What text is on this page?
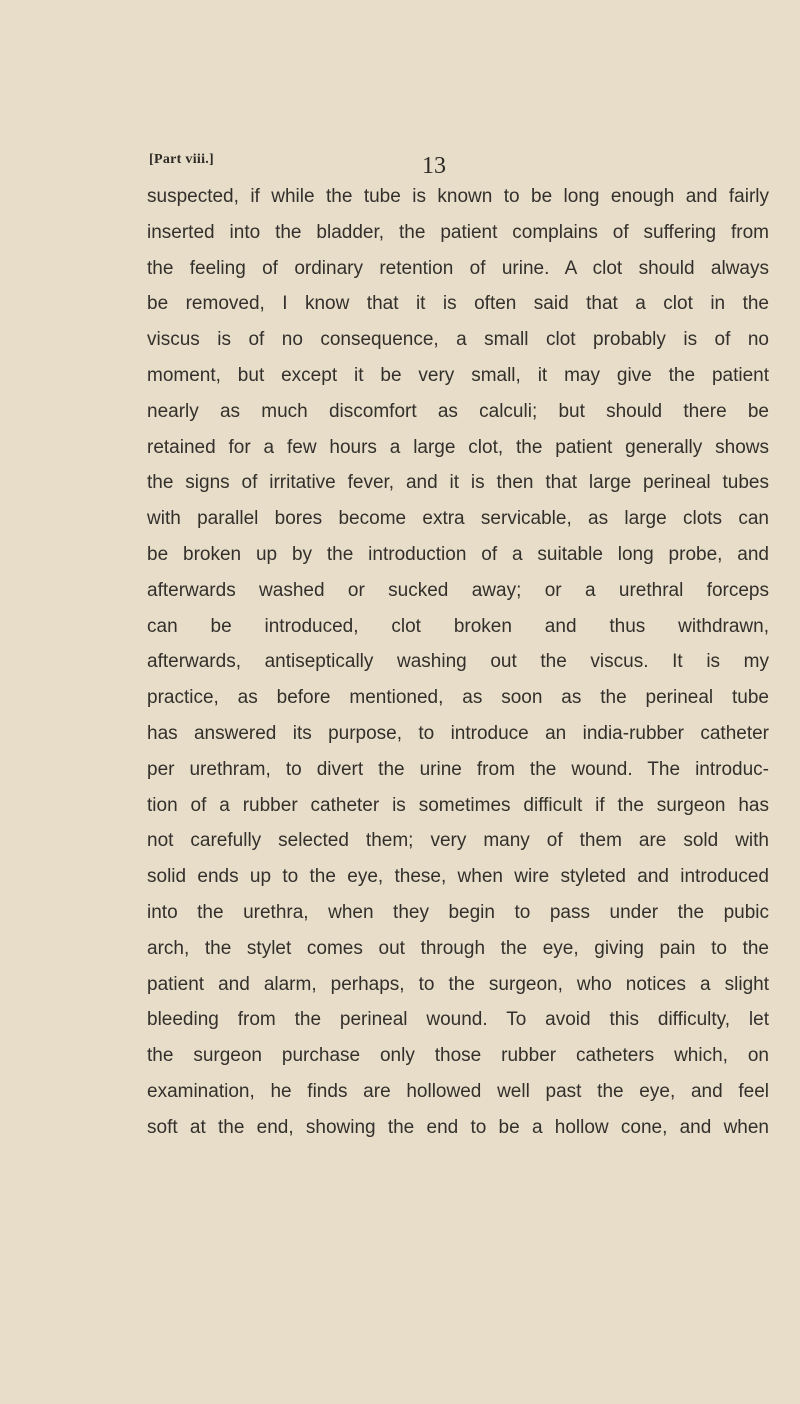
[Part viii.]	13
suspected, if while the tube is known to be long enough and fairly
inserted into the bladder, the patient complains of suffering from
the feeling of ordinary retention of urine. A clot should always
be removed, I know that it is often said that a clot in the
viscus is of no consequence, a small clot probably is of no
moment, but except it be very small, it may give the patient
nearly as much discomfort as calculi; but should there be
retained for a few hours a large clot, the patient generally shows
the signs of irritative fever, and it is then that large perineal tubes
with parallel bores become extra servicable, as large clots can
be broken up by the introduction of a suitable long probe, and
afterwards washed or sucked away; or a urethral forceps
can be introduced, clot broken and thus withdrawn,
afterwards, antiseptically washing out the viscus. It is my
practice, as before mentioned, as soon as the perineal tube
has answered its purpose, to introduce an india-rubber catheter
per urethram, to divert the urine from the wound. The introduc-
tion of a rubber catheter is sometimes difficult if the surgeon has
not carefully selected them; very many of them are sold with
solid ends up to the eye, these, when wire styleted and introduced
into the urethra, when they begin to pass under the pubic
arch, the stylet comes out through the eye, giving pain to the
patient and alarm, perhaps, to the surgeon, who notices a slight
bleeding from the perineal wound. To avoid this difficulty, let
the surgeon purchase only those rubber catheters which, on
examination, he finds are hollowed well past the eye, and feel
soft at the end, showing the end to be a hollow cone, and when
